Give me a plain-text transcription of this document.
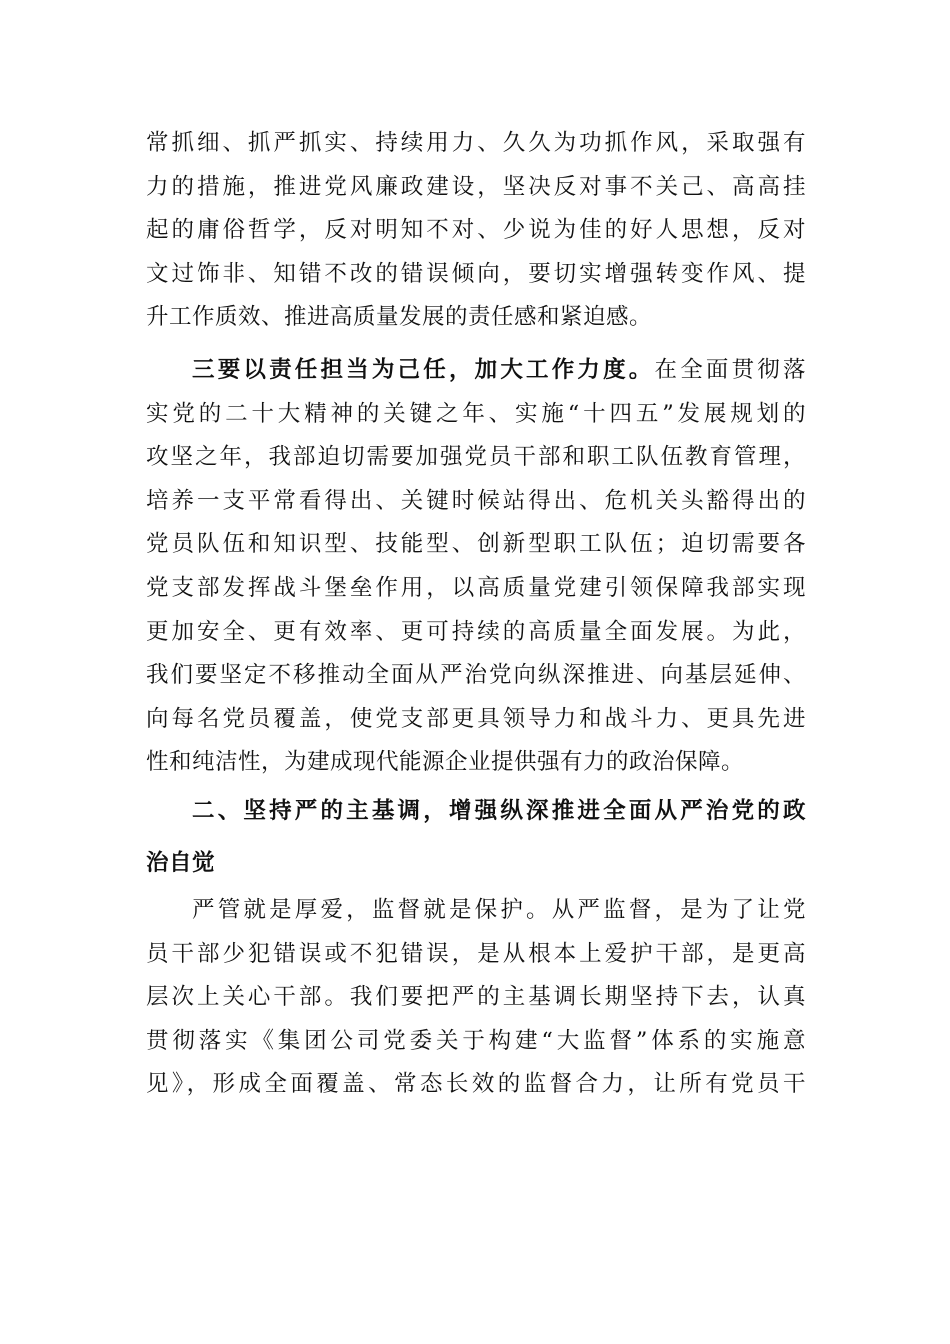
常抓细、抓严抓实、持续用力、久久为功抓作风，采取强有
力的措施，推进党风廉政建设，坚决反对事不关己、高高挂
起的庸俗哲学，反对明知不对、少说为佳的好人思想，反对
文过饰非、知错不改的错误倾向，要切实增强转变作风、提
升工作质效、推进高质量发展的责任感和紧迫感。
三要以责任担当为己任，加大工作力度。在全面贯彻落
实党的二十大精神的关键之年、实施“十四五”发展规划的
攻坚之年，我部迫切需要加强党员干部和职工队伍教育管理，
培养一支平常看得出、关键时候站得出、危机关头豁得出的
党员队伍和知识型、技能型、创新型职工队伍；迫切需要各
党支部发挥战斗堡垒作用，以高质量党建引领保障我部实现
更加安全、更有效率、更可持续的高质量全面发展。为此，
我们要坚定不移推动全面从严治党向纵深推进、向基层延伸、
向每名党员覆盖，使党支部更具领导力和战斗力、更具先进
性和纯洁性，为建成现代能源企业提供强有力的政治保障。
二、坚持严的主基调，增强纵深推进全面从严治党的政
治自觉
严管就是厚爱，监督就是保护。从严监督，是为了让党
员干部少犯错误或不犯错误，是从根本上爱护干部，是更高
层次上关心干部。我们要把严的主基调长期坚持下去，认真
贯彻落实《集团公司党委关于构建“大监督”体系的实施意
见》，形成全面覆盖、常态长效的监督合力，让所有党员干
